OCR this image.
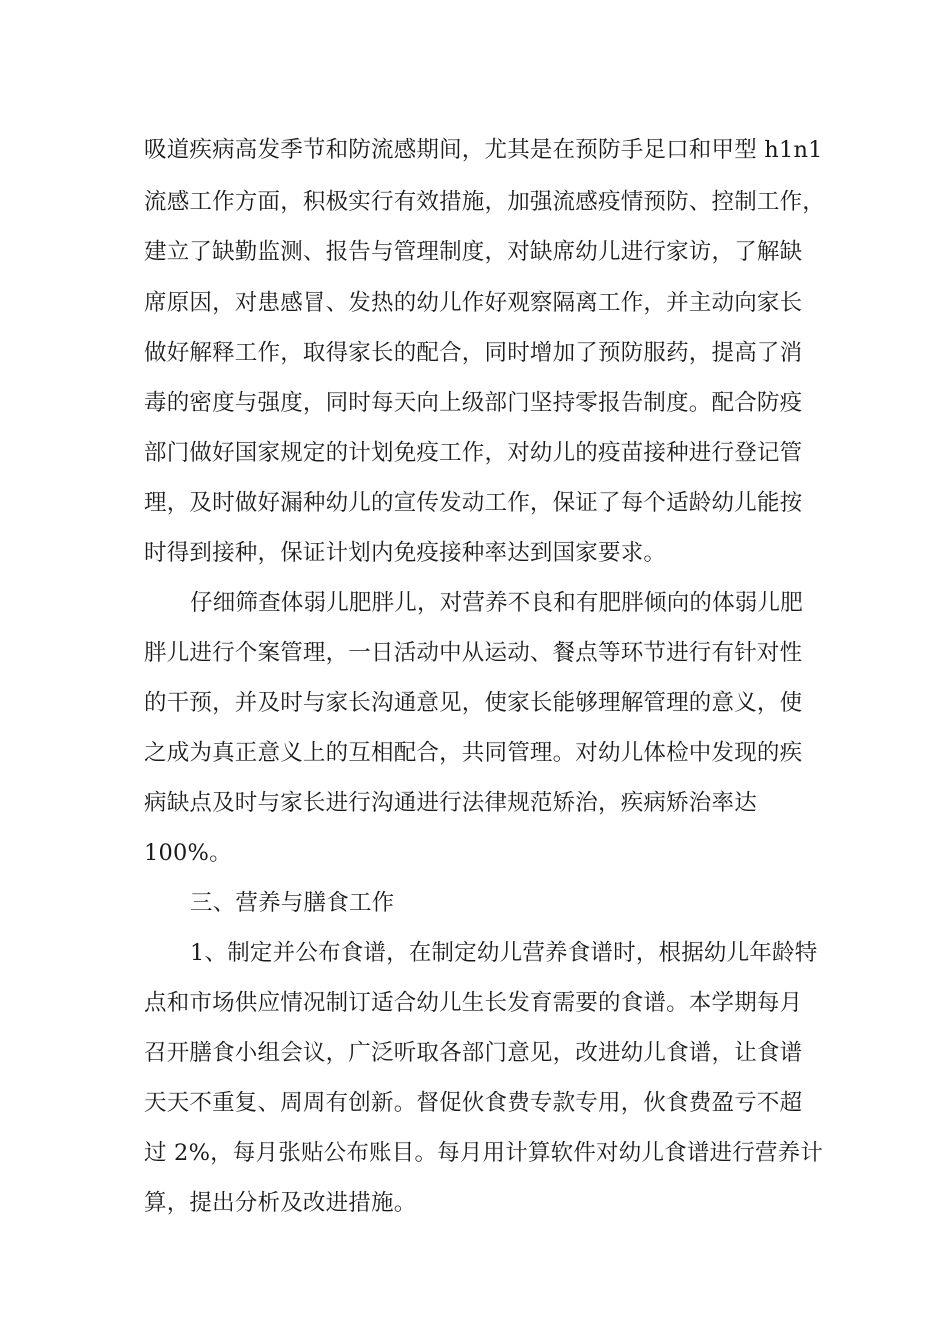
吸道疾病高发季节和防流感期间，尤其是在预防手足口和甲型 h1n1
流感工作方面，积极实行有效措施，加强流感疫情预防、控制工作，
建立了缺勤监测、报告与管理制度，对缺席幼儿进行家访，了解缺
席原因，对患感冒、发热的幼儿作好观察隔离工作，并主动向家长
做好解释工作，取得家长的配合，同时增加了预防服药，提高了消
毒的密度与强度，同时每天向上级部门坚持零报告制度。配合防疫
部门做好国家规定的计划免疫工作，对幼儿的疫苗接种进行登记管
理，及时做好漏种幼儿的宣传发动工作，保证了每个适龄幼儿能按
时得到接种，保证计划内免疫接种率达到国家要求。
仔细筛查体弱儿肥胖儿，对营养不良和有肥胖倾向的体弱儿肥
胖儿进行个案管理，一日活动中从运动、餐点等环节进行有针对性
的干预，并及时与家长沟通意见，使家长能够理解管理的意义，使
之成为真正意义上的互相配合，共同管理。对幼儿体检中发现的疾
病缺点及时与家长进行沟通进行法律规范矫治，疾病矫治率达
100%。
三、营养与膳食工作
1、制定并公布食谱，在制定幼儿营养食谱时，根据幼儿年龄特
点和市场供应情况制订适合幼儿生长发育需要的食谱。本学期每月
召开膳食小组会议，广泛听取各部门意见，改进幼儿食谱，让食谱
天天不重复、周周有创新。督促伙食费专款专用，伙食费盈亏不超
过 2%，每月张贴公布账目。每月用计算软件对幼儿食谱进行营养计
算，提出分析及改进措施。
